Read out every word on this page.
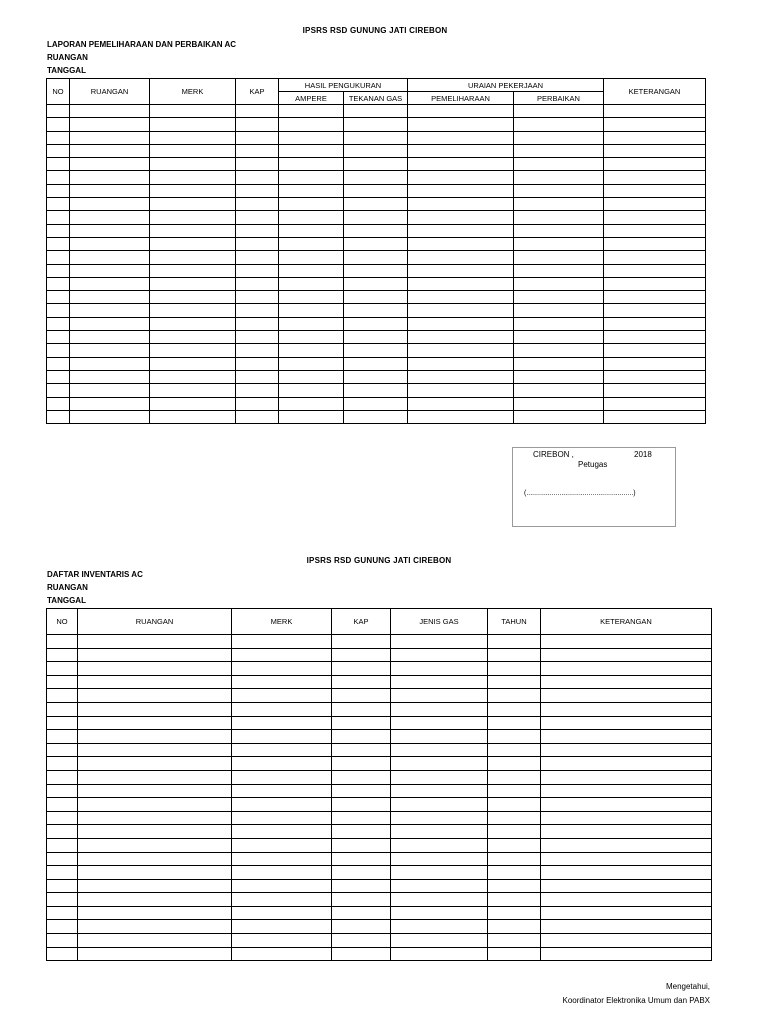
IPSRS RSD GUNUNG JATI CIREBON
LAPORAN PEMELIHARAAN DAN PERBAIKAN AC
RUANGAN
TANGGAL
NO	RUANGAN	MERK	KAP	HASIL PENGUKURAN		URAIAN PEKERJAAN		KETERANGAN
				AMPERE	TEKANAN GAS	PEMELIHARAAN	PERBAIKAN	

CIREBON ,	2018
Petugas
(.......................................................)
IPSRS RSD GUNUNG JATI CIREBON
DAFTAR INVENTARIS AC
RUANGAN
TANGGAL
NO	RUANGAN	MERK	KAP	JENIS GAS	TAHUN	KETERANGAN

Mengetahui,
Koordinator Elektronika Umum dan PABX
